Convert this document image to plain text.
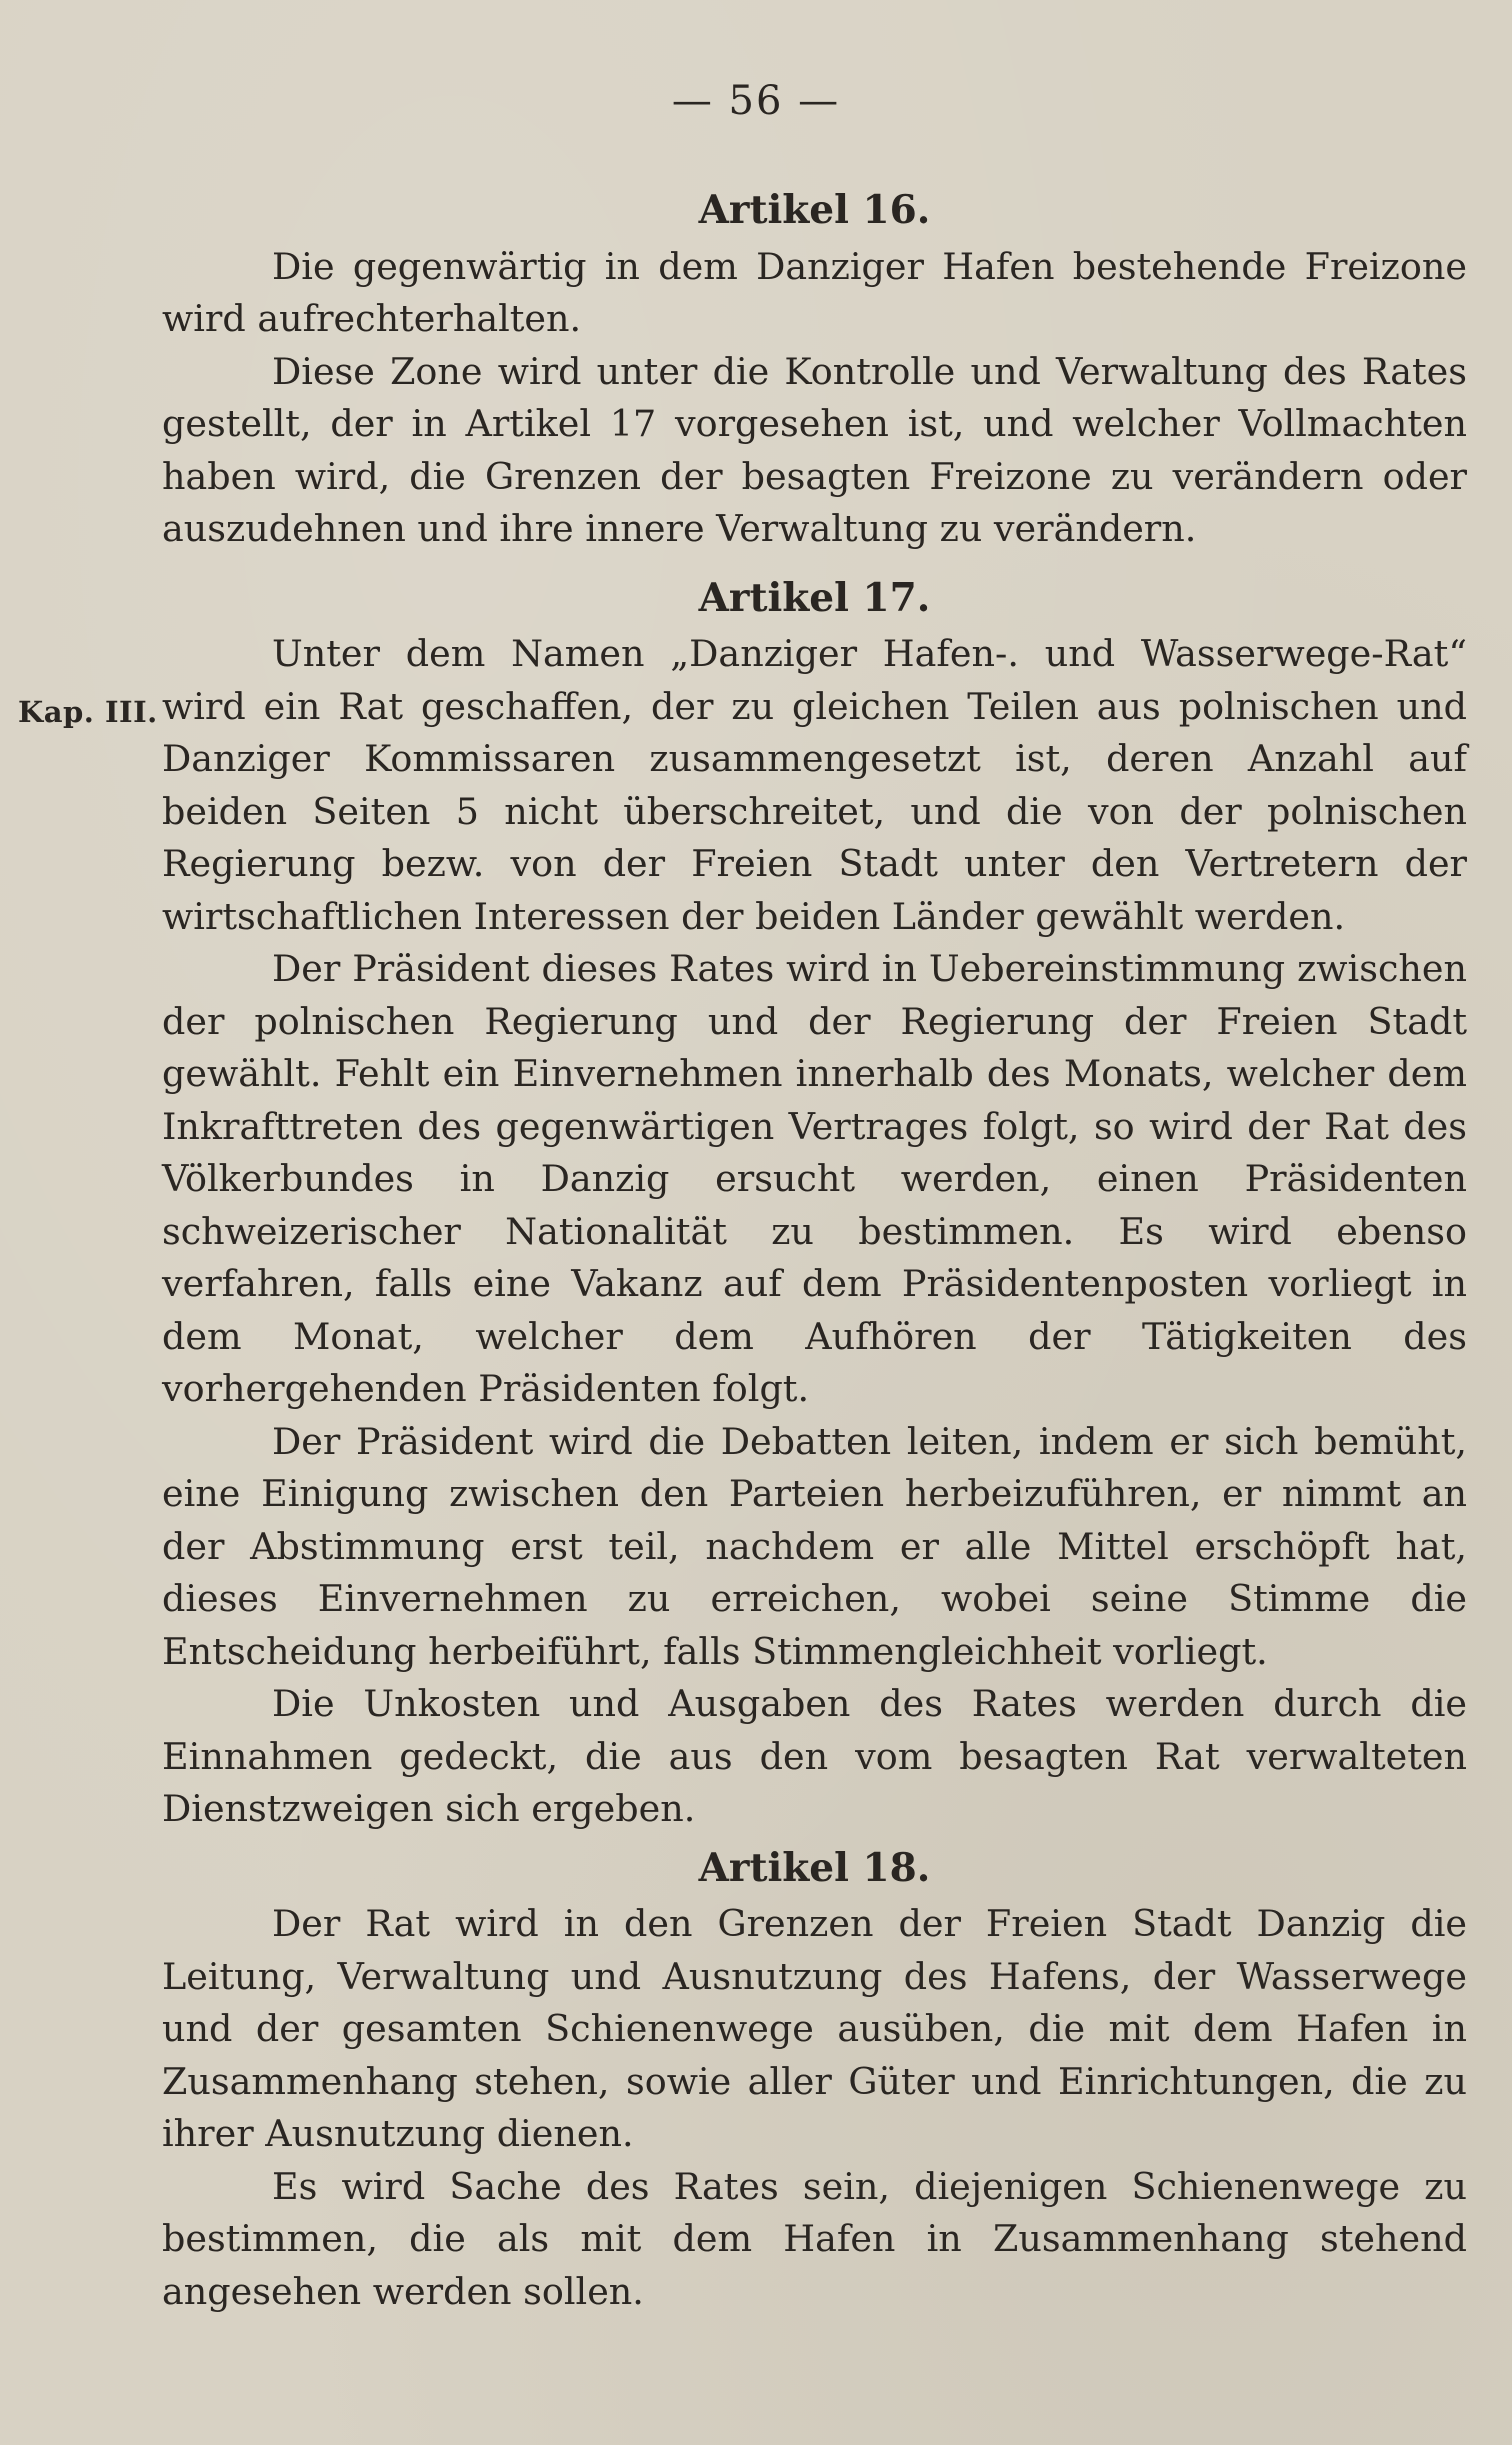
— 56 —
Kap. III.
Artikel 16.

Die gegenwärtig in dem Danziger Hafen bestehende Freizone wird aufrechterhalten.

Diese Zone wird unter die Kontrolle und Verwaltung des Rates gestellt, der in Artikel 17 vorgesehen ist, und welcher Vollmachten haben wird, die Grenzen der besagten Freizone zu verändern oder auszudehnen und ihre innere Verwaltung zu verändern.

Artikel 17.

Unter dem Namen „Danziger Hafen-. und Wasserwege-Rat“ wird ein Rat geschaffen, der zu gleichen Teilen aus polnischen und Danziger Kommissaren zusammengesetzt ist, deren Anzahl auf beiden Seiten 5 nicht überschreitet, und die von der polnischen Regierung bezw. von der Freien Stadt unter den Vertretern der wirtschaftlichen Interessen der beiden Länder gewählt werden.

Der Präsident dieses Rates wird in Uebereinstimmung zwischen der polnischen Regierung und der Regierung der Freien Stadt gewählt. Fehlt ein Einvernehmen innerhalb des Monats, welcher dem Inkrafttreten des gegenwärtigen Vertrages folgt, so wird der Rat des Völkerbundes in Danzig ersucht werden, einen Präsidenten schweizerischer Nationalität zu bestimmen. Es wird ebenso verfahren, falls eine Vakanz auf dem Präsidentenposten vorliegt in dem Monat, welcher dem Aufhören der Tätigkeiten des vorhergehenden Präsidenten folgt.

Der Präsident wird die Debatten leiten, indem er sich bemüht, eine Einigung zwischen den Parteien herbeizuführen, er nimmt an der Abstimmung erst teil, nachdem er alle Mittel erschöpft hat, dieses Einvernehmen zu erreichen, wobei seine Stimme die Entscheidung herbeiführt, falls Stimmengleichheit vorliegt.

Die Unkosten und Ausgaben des Rates werden durch die Einnahmen gedeckt, die aus den vom besagten Rat verwalteten Dienstzweigen sich ergeben.

Artikel 18.

Der Rat wird in den Grenzen der Freien Stadt Danzig die Leitung, Verwaltung und Ausnutzung des Hafens, der Wasserwege und der gesamten Schienenwege ausüben, die mit dem Hafen in Zusammenhang stehen, sowie aller Güter und Einrichtungen, die zu ihrer Ausnutzung dienen.

Es wird Sache des Rates sein, diejenigen Schienenwege zu bestimmen, die als mit dem Hafen in Zusammenhang stehend angesehen werden sollen.
